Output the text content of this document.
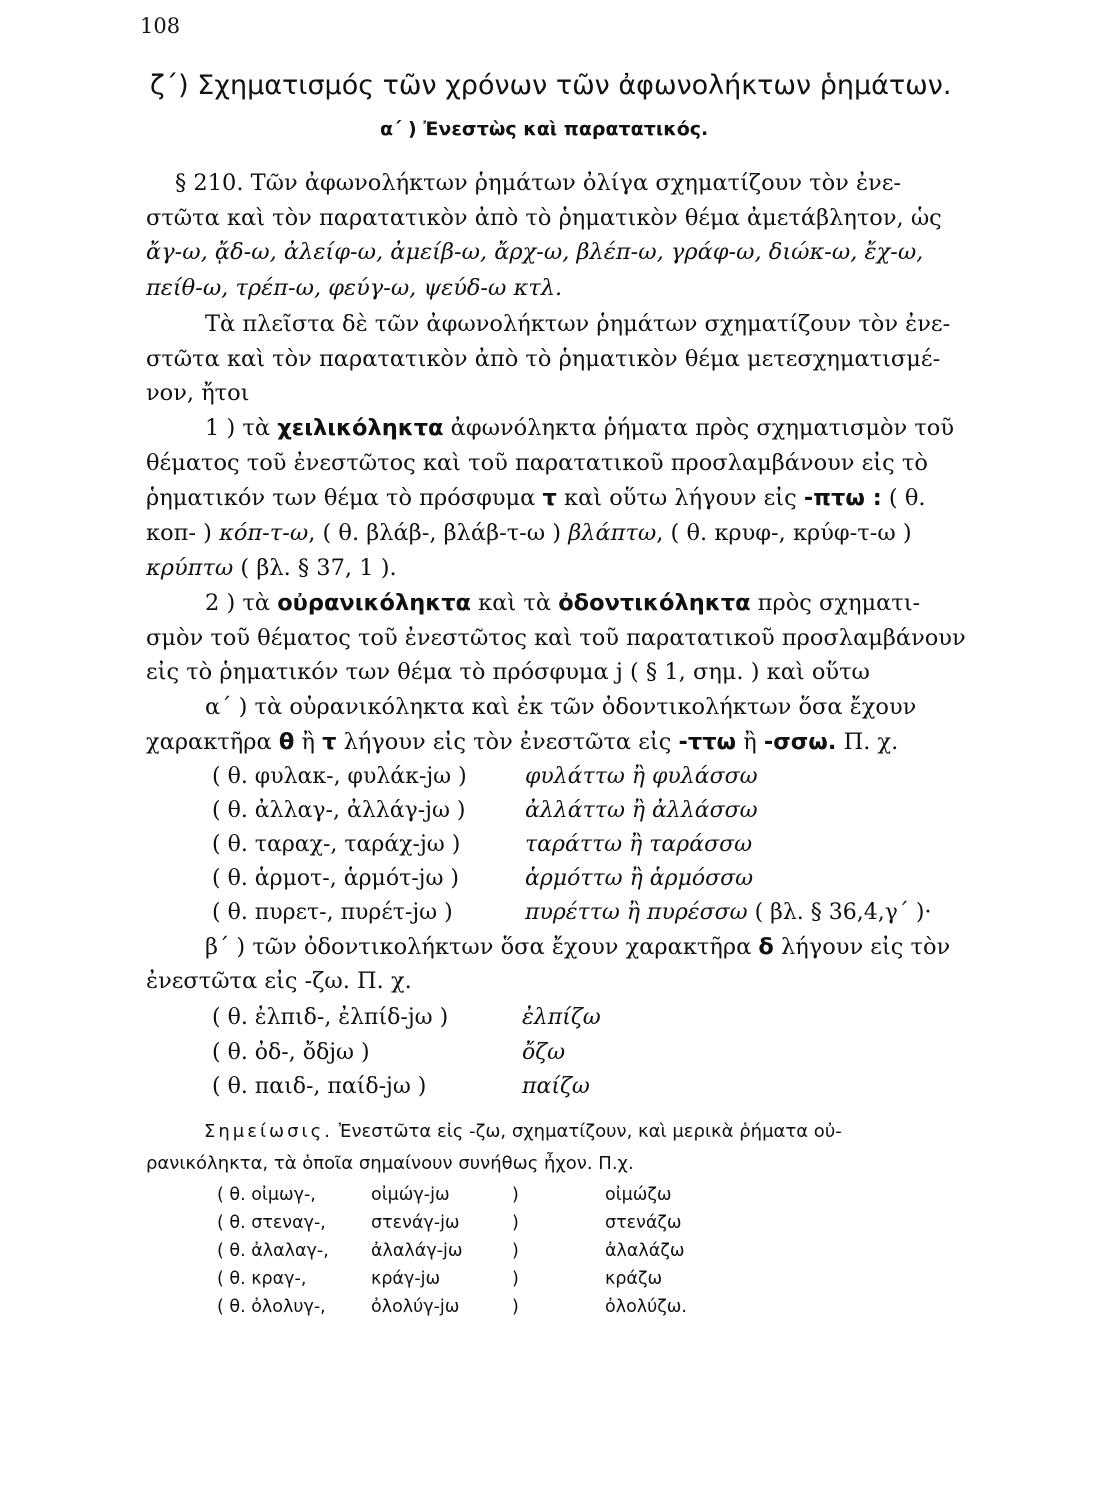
108
ζ΄) Σχηματισμός τῶν χρόνων τῶν ἀφωνολήκτων ῥημάτων.
α΄ ) Ἐνεστὼς καὶ παρατατικός.
§ 210. Τῶν ἀφωνολήκτων ῥημάτων ὀλίγα σχηματίζουν τὸν ἐνε-
στῶτα καὶ τὸν παρατατικὸν ἀπὸ τὸ ῥηματικὸν θέμα ἀμετάβλητον, ὡς
ἄγ-ω, ᾄδ-ω, ἀλείφ-ω, ἀμείβ-ω, ἄρχ-ω, βλέπ-ω, γράφ-ω, διώκ-ω, ἔχ-ω,
πείθ-ω, τρέπ-ω, φεύγ-ω, ψεύδ-ω κτλ.
Τὰ πλεῖστα δὲ τῶν ἀφωνολήκτων ῥημάτων σχηματίζουν τὸν ἐνε-
στῶτα καὶ τὸν παρατατικὸν ἀπὸ τὸ ῥηματικὸν θέμα μετεσχηματισμέ-
νον, ἤτοι
1 ) τὰ χειλικόληκτα ἀφωνόληκτα ῥήματα πρὸς σχηματισμὸν τοῦ
θέματος τοῦ ἐνεστῶτος καὶ τοῦ παρατατικοῦ προσλαμβάνουν εἰς τὸ
ῥηματικόν των θέμα τὸ πρόσφυμα τ καὶ οὕτω λήγουν εἰς -πτω : ( θ.
κοπ- ) κόπ-τ-ω, ( θ. βλάβ-, βλάβ-τ-ω ) βλάπτω, ( θ. κρυφ-, κρύφ-τ-ω )
κρύπτω ( βλ. § 37, 1 ).
2 ) τὰ οὐρανικόληκτα καὶ τὰ ὀδοντικόληκτα πρὸς σχηματι-
σμὸν τοῦ θέματος τοῦ ἐνεστῶτος καὶ τοῦ παρατατικοῦ προσλαμβάνουν
εἰς τὸ ῥηματικόν των θέμα τὸ πρόσφυμα j ( § 1, σημ. ) καὶ οὕτω
α΄ ) τὰ οὐρανικόληκτα καὶ ἐκ τῶν ὀδοντικολήκτων ὅσα ἔχουν
χαρακτῆρα θ ἢ τ λήγουν εἰς τὸν ἐνεστῶτα εἰς -ττω ἢ -σσω. Π. χ.
( θ. φυλακ-, φυλάκ-jω )	φυλάττω ἢ φυλάσσω
( θ. ἀλλαγ-, ἀλλάγ-jω )	ἀλλάττω ἢ ἀλλάσσω
( θ. ταραχ-, ταράχ-jω )	ταράττω ἢ ταράσσω
( θ. ἁρμοτ-, ἁρμότ-jω )	ἁρμόττω ἢ ἁρμόσσω
( θ. πυρετ-, πυρέτ-jω )	πυρέττω ἢ πυρέσσω ( βλ. § 36,4,γ΄ )·
β΄ ) τῶν ὀδοντικολήκτων ὅσα ἔχουν χαρακτῆρα δ λήγουν εἰς τὸν
ἐνεστῶτα εἰς -ζω. Π. χ.
( θ. ἐλπιδ-, ἐλπίδ-jω )	ἐλπίζω
( θ. ὀδ-, ὄδjω )	ὄζω
( θ. παιδ-, παίδ-jω )	παίζω
Σημείωσις. Ἐνεστῶτα εἰς -ζω, σχηματίζουν, καὶ μερικὰ ῥήματα οὐ-
ρανικόληκτα, τὰ ὁποῖα σημαίνουν συνήθως ἦχον. Π.χ.
( θ. οἰμωγ-,	οἰμώγ-jω	)	οἰμώζω
( θ. στεναγ-,	στενάγ-jω	)	στενάζω
( θ. ἀλαλαγ-, ἀλαλάγ-jω	)	ἀλαλάζω
( θ. κραγ-,	κράγ-jω	)	κράζω
( θ. ὀλολυγ-,	ὀλολύγ-jω	)	ὀλολύζω.
